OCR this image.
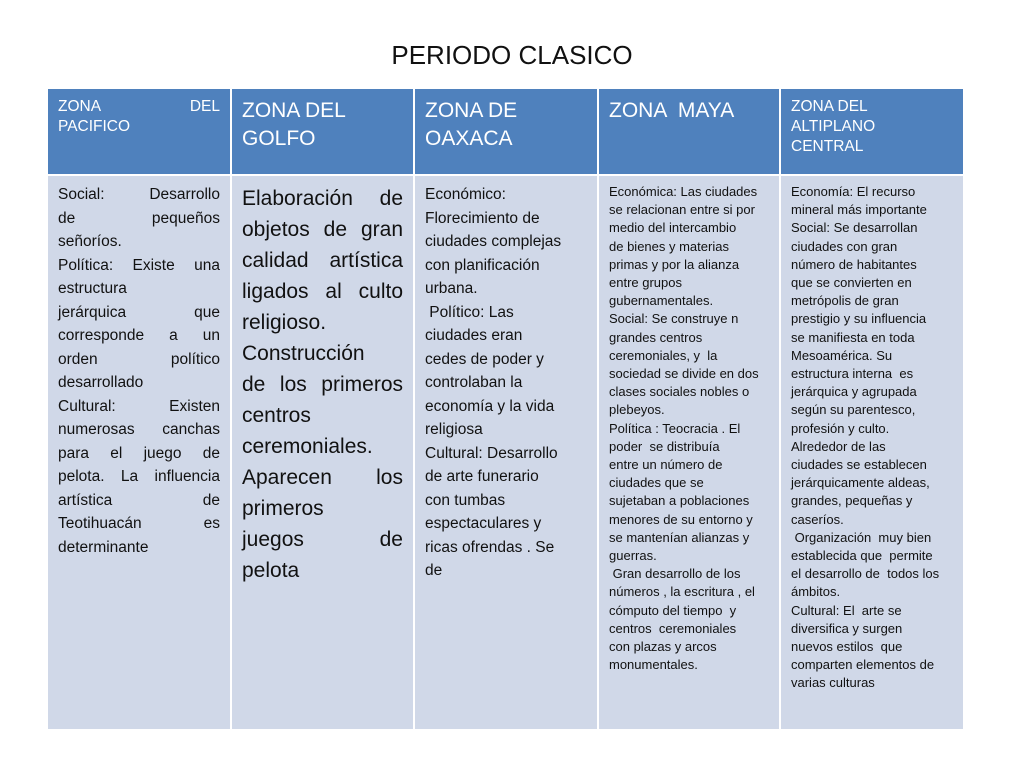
PERIODO CLASICO
ZONA DEL
PACIFICO
ZONA DEL
GOLFO
ZONA DE
OAXACA
ZONA  MAYA	ZONA DEL
ALTIPLANO
CENTRAL
Social:  Desarrollo
de  pequeños
señoríos.
Política:  Existe  una
estructura
jerárquica  que
corresponde  a  un
orden  político
desarrollado
Cultural:  Existen
numerosas  canchas
para  el  juego  de
pelota.  La  influencia
artística  de
Teotihuacán  es
determinante
Elaboración  de
objetos de gran
calidad artística
ligados  al  culto
religioso.
Construcción
de los primeros
centros
ceremoniales.
Aparecen  los
primeros
juegos  de
pelota
Económico:
Florecimiento de
ciudades complejas
con planificación
urbana.
Político: Las
ciudades eran
cedes de poder y
controlaban la
economía y la vida
religiosa
Cultural: Desarrollo
de arte funerario
con tumbas
espectaculares y
ricas ofrendas . Se
de
Económica: Las ciudades
se relacionan entre si por
medio del intercambio
de bienes y materias
primas y por la alianza
entre grupos
gubernamentales.
Social: Se construye n
grandes centros
ceremoniales, y  la
sociedad se divide en dos
clases sociales nobles o
plebeyos.
Política : Teocracia . El
poder  se distribuía
entre un número de
ciudades que se
sujetaban a poblaciones
menores de su entorno y
se mantenían alianzas y
guerras.
Gran desarrollo de los
números , la escritura , el
cómputo del tiempo  y
centros  ceremoniales
con plazas y arcos
monumentales.
Economía: El recurso
mineral más importante
Social: Se desarrollan
ciudades con gran
número de habitantes
que se convierten en
metrópolis de gran
prestigio y su influencia
se manifiesta en toda
Mesoamérica. Su
estructura interna  es
jerárquica y agrupada
según su parentesco,
profesión y culto.
Alrededor de las
ciudades se establecen
jerárquicamente aldeas,
grandes, pequeñas y
caseríos.
Organización  muy bien
establecida que  permite
el desarrollo de  todos los
ámbitos.
Cultural: El  arte se
diversifica y surgen
nuevos estilos  que
comparten elementos de
varias culturas
